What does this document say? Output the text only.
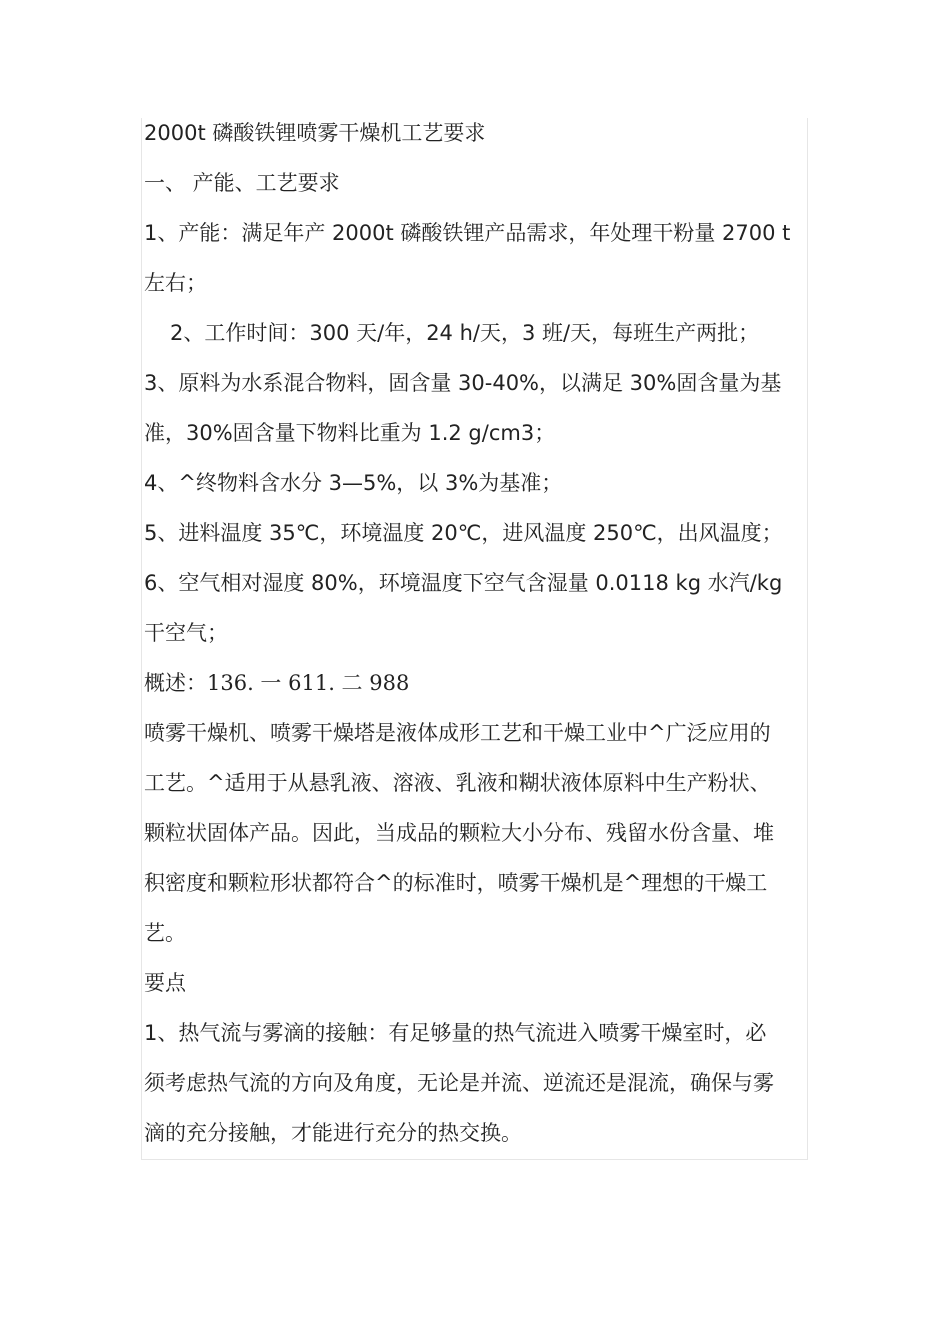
2000t 磷酸铁锂喷雾干燥机工艺要求
一、 产能、工艺要求
1、产能：满足年产 2000t 磷酸铁锂产品需求，年处理干粉量 2700 t
左右；
2、工作时间：300 天/年，24 h/天，3 班/天，每班生产两批；
3、原料为水系混合物料，固含量 30-40%，以满足 30%固含量为基
准，30%固含量下物料比重为 1.2 g/cm3；
4、^终物料含水分 3—5%，以 3%为基准；
5、进料温度 35℃，环境温度 20℃，进风温度 250℃，出风温度；
6、空气相对湿度 80%，环境温度下空气含湿量 0.0118 kg 水汽/kg
干空气；
概述：136. 一 611. 二 988
喷雾干燥机、喷雾干燥塔是液体成形工艺和干燥工业中^广泛应用的
工艺。^适用于从悬乳液、溶液、乳液和糊状液体原料中生产粉状、
颗粒状固体产品。因此，当成品的颗粒大小分布、残留水份含量、堆
积密度和颗粒形状都符合^的标准时，喷雾干燥机是^理想的干燥工
艺。
要点
1、热气流与雾滴的接触：有足够量的热气流进入喷雾干燥室时，必
须考虑热气流的方向及角度，无论是并流、逆流还是混流，确保与雾
滴的充分接触，才能进行充分的热交换。
